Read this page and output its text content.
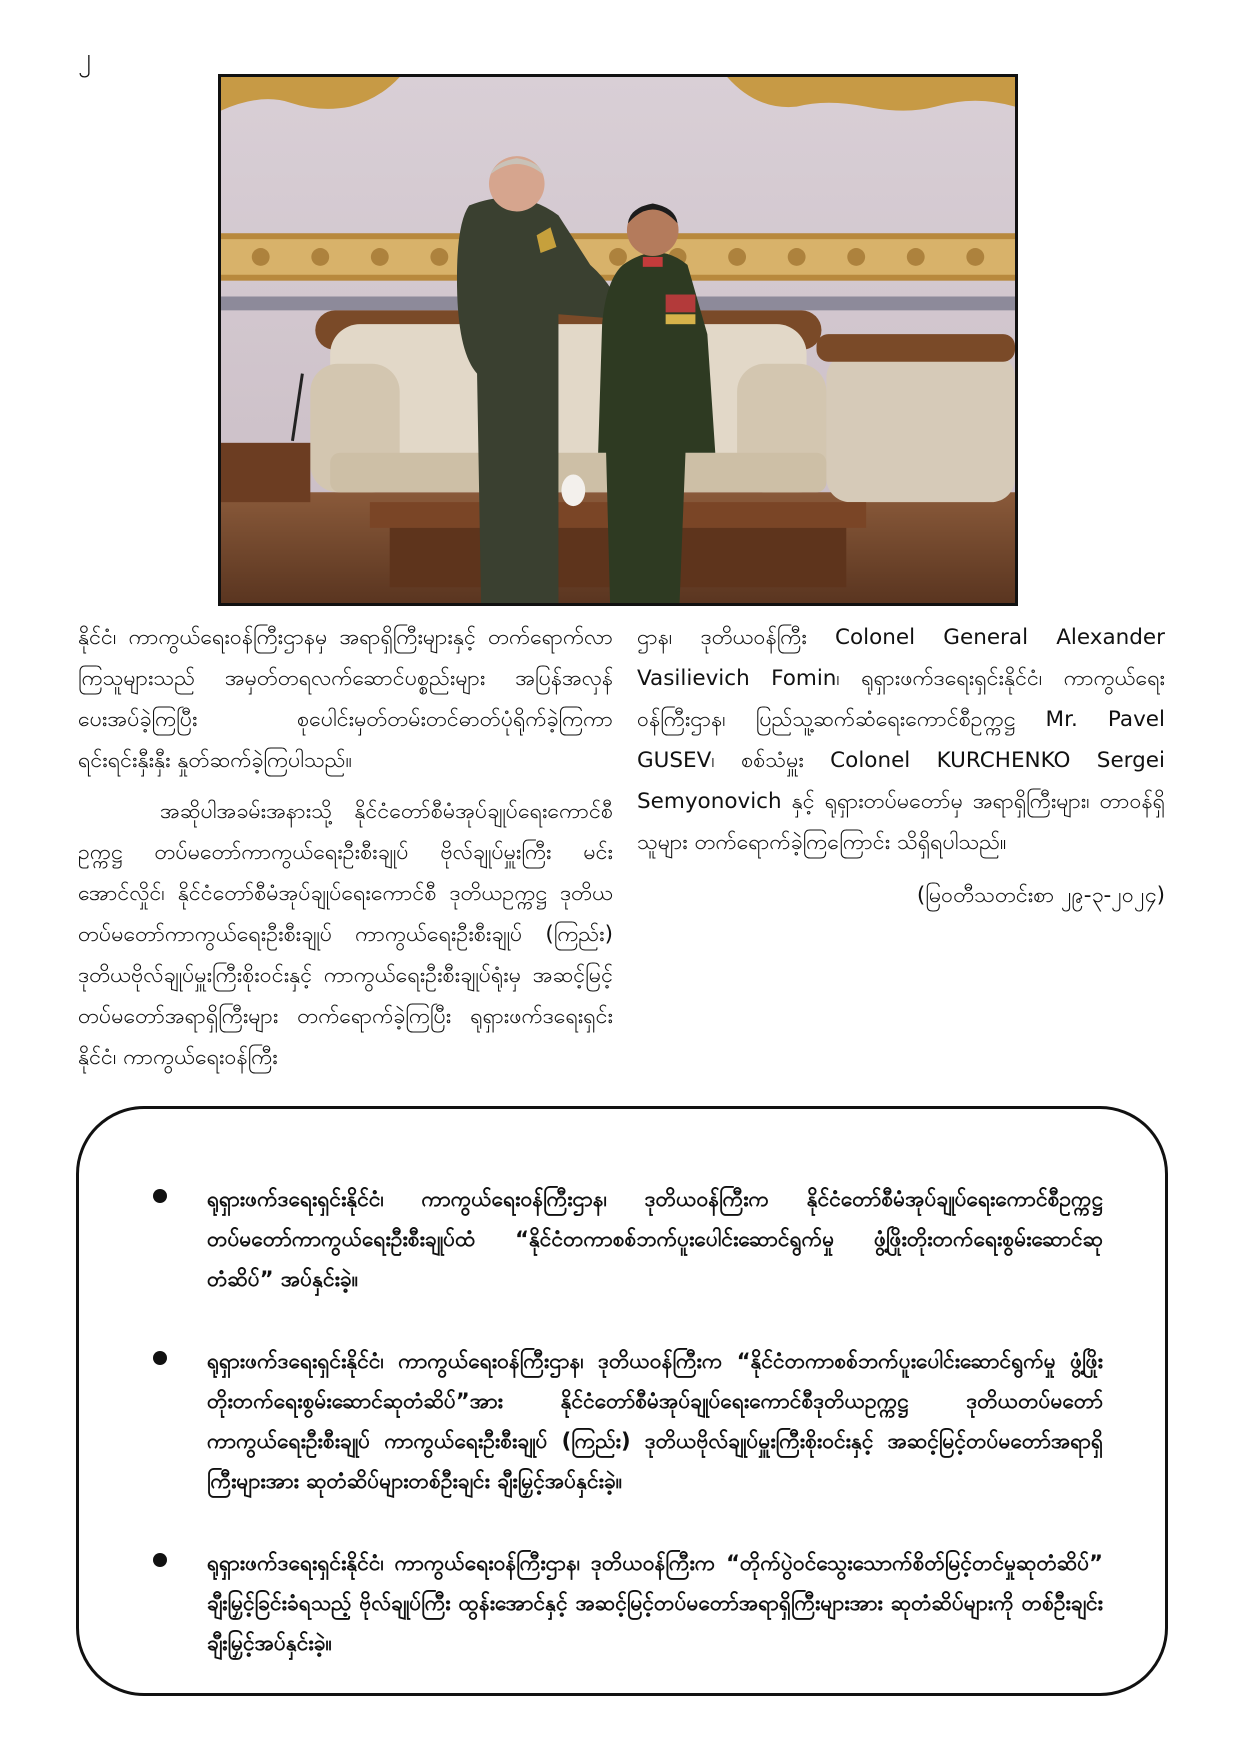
၂

နိုင်ငံ၊ ကာကွယ်ရေးဝန်ကြီးဌာနမှ အရာရှိကြီးများနှင့် တက်ရောက်လာကြသူများသည် အမှတ်တရလက်ဆောင်ပစ္စည်းများ အပြန်အလှန် ပေးအပ်ခဲ့ကြပြီး စုပေါင်းမှတ်တမ်းတင်ဓာတ်ပုံရိုက်ခဲ့ကြကာ ရင်းရင်းနှီးနှီး နှုတ်ဆက်ခဲ့ကြပါသည်။

အဆိုပါအခမ်းအနားသို့ နိုင်ငံတော်စီမံအုပ်ချုပ်ရေးကောင်စီဥက္ကဋ္ဌ တပ်မတော်ကာကွယ်ရေးဦးစီးချုပ် ဗိုလ်ချုပ်မှူးကြီး မင်းအောင်လှိုင်၊ နိုင်ငံတော်စီမံအုပ်ချုပ်ရေးကောင်စီ ဒုတိယဥက္ကဋ္ဌ ဒုတိယတပ်မတော်ကာကွယ်ရေးဦးစီးချုပ် ကာကွယ်ရေးဦးစီးချုပ် (ကြည်း) ဒုတိယဗိုလ်ချုပ်မှူးကြီးစိုးဝင်းနှင့် ကာကွယ်ရေးဦးစီးချုပ်ရုံးမှ အဆင့်မြင့်တပ်မတော်အရာရှိကြီးများ တက်ရောက်ခဲ့ကြပြီး ရုရှားဖက်ဒရေးရှင်းနိုင်ငံ၊ ကာကွယ်ရေးဝန်ကြီး

ဌာန၊ ဒုတိယဝန်ကြီး Colonel General Alexander Vasilievich Fomin၊ ရုရှားဖက်ဒရေးရှင်းနိုင်ငံ၊ ကာကွယ်ရေးဝန်ကြီးဌာန၊ ပြည်သူ့ဆက်ဆံရေးကောင်စီဥက္ကဋ္ဌ Mr. Pavel GUSEV၊ စစ်သံမှူး Colonel KURCHENKO Sergei Semyonovich နှင့် ရုရှားတပ်မတော်မှ အရာရှိကြီးများ၊ တာဝန်ရှိသူများ တက်ရောက်ခဲ့ကြကြောင်း သိရှိရပါသည်။

(မြဝတီသတင်းစာ ၂၉-၃-၂၀၂၄)

ရုရှားဖက်ဒရေးရှင်းနိုင်ငံ၊ ကာကွယ်ရေးဝန်ကြီးဌာန၊ ဒုတိယဝန်ကြီးက နိုင်ငံတော်စီမံအုပ်ချုပ်ရေးကောင်စီဥက္ကဋ္ဌ တပ်မတော်ကာကွယ်ရေးဦးစီးချုပ်ထံ “နိုင်ငံတကာစစ်ဘက်ပူးပေါင်းဆောင်ရွက်မှု ဖွံ့ဖြိုးတိုးတက်ရေးစွမ်းဆောင်ဆုတံဆိပ်” အပ်နှင်းခဲ့။
ရုရှားဖက်ဒရေးရှင်းနိုင်ငံ၊ ကာကွယ်ရေးဝန်ကြီးဌာန၊ ဒုတိယဝန်ကြီးက “နိုင်ငံတကာစစ်ဘက်ပူးပေါင်းဆောင်ရွက်မှု ဖွံ့ဖြိုးတိုးတက်ရေးစွမ်းဆောင်ဆုတံဆိပ်”အား နိုင်ငံတော်စီမံအုပ်ချုပ်ရေးကောင်စီဒုတိယဥက္ကဋ္ဌ ဒုတိယတပ်မတော်ကာကွယ်ရေးဦးစီးချုပ် ကာကွယ်ရေးဦးစီးချုပ် (ကြည်း) ဒုတိယဗိုလ်ချုပ်မှူးကြီးစိုးဝင်းနှင့် အဆင့်မြင့်တပ်မတော်အရာရှိကြီးများအား ဆုတံဆိပ်များတစ်ဦးချင်း ချီးမြှင့်အပ်နှင်းခဲ့။
ရုရှားဖက်ဒရေးရှင်းနိုင်ငံ၊ ကာကွယ်ရေးဝန်ကြီးဌာန၊ ဒုတိယဝန်ကြီးက “တိုက်ပွဲဝင်သွေးသောက်စိတ်မြင့်တင်မှုဆုတံဆိပ်” ချီးမြှင့်ခြင်းခံရသည့် ဗိုလ်ချုပ်ကြီး ထွန်းအောင်နှင့် အဆင့်မြင့်တပ်မတော်အရာရှိကြီးများအား ဆုတံဆိပ်များကို တစ်ဦးချင်း ချီးမြှင့်အပ်နှင်းခဲ့။
